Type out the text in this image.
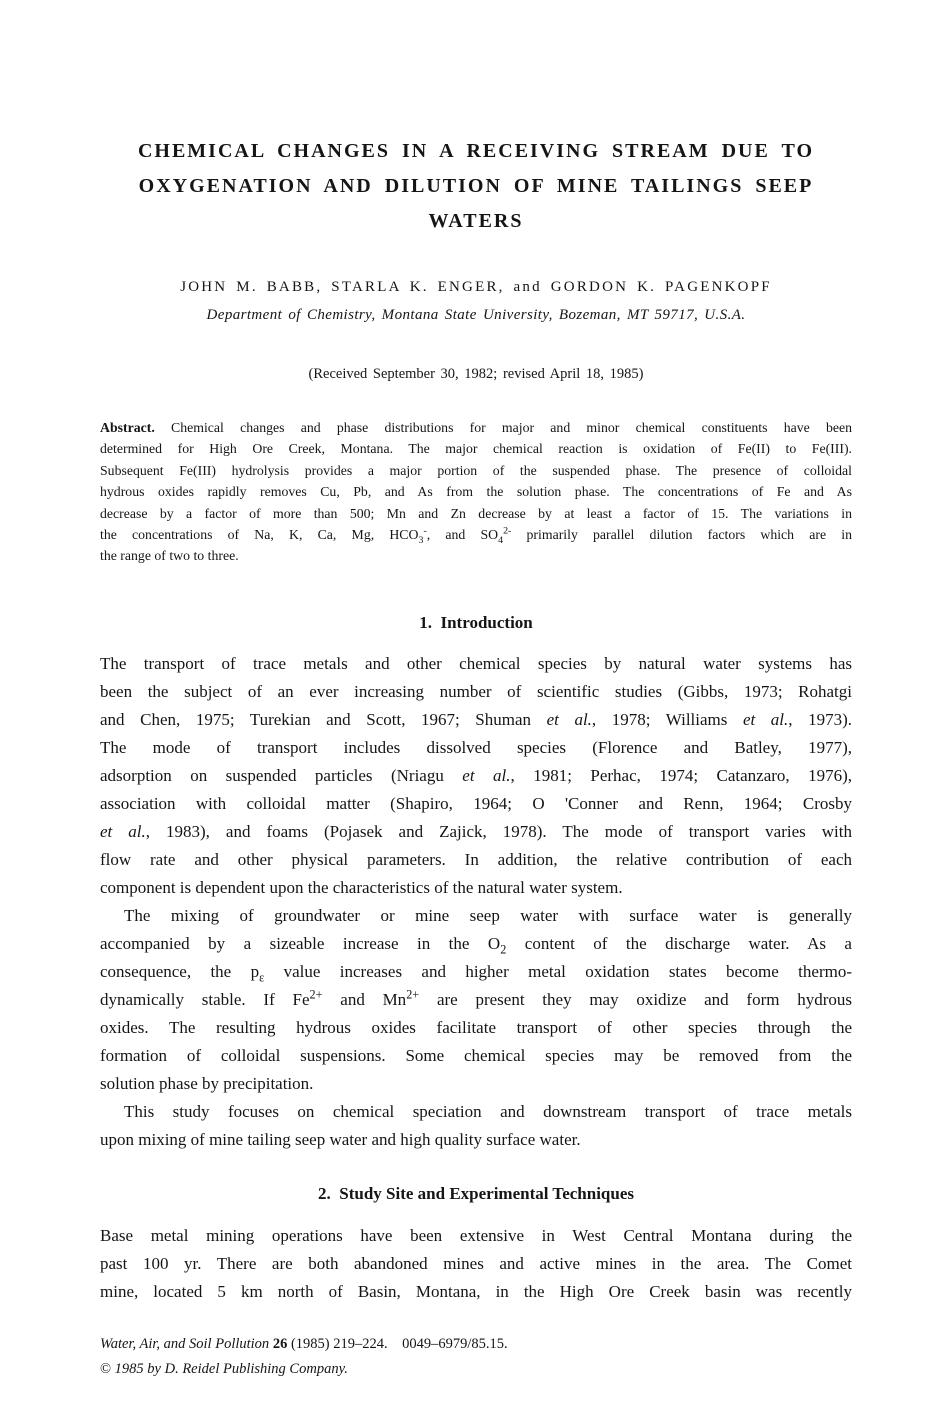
CHEMICAL CHANGES IN A RECEIVING STREAM DUE TO
OXYGENATION AND DILUTION OF MINE TAILINGS SEEP
WATERS
JOHN M. BABB, STARLA K. ENGER, and GORDON K. PAGENKOPF
Department of Chemistry, Montana State University, Bozeman, MT 59717, U.S.A.
(Received September 30, 1982; revised April 18, 1985)
Abstract. Chemical changes and phase distributions for major and minor chemical constituents have been
determined for High Ore Creek, Montana. The major chemical reaction is oxidation of Fe(II) to Fe(III).
Subsequent Fe(III) hydrolysis provides a major portion of the suspended phase. The presence of colloidal
hydrous oxides rapidly removes Cu, Pb, and As from the solution phase. The concentrations of Fe and As
decrease by a factor of more than 500; Mn and Zn decrease by at least a factor of 15. The variations in
the concentrations of Na, K, Ca, Mg, $HCO_3^-$, and $SO_4^{2-}$ primarily parallel dilution factors which are in
the range of two to three.
1.  Introduction
The transport of trace metals and other chemical species by natural water systems has
been the subject of an ever increasing number of scientific studies (Gibbs, 1973; Rohatgi
and Chen, 1975; Turekian and Scott, 1967; Shuman et al., 1978; Williams et al., 1973).
The mode of transport includes dissolved species (Florence and Batley, 1977),
adsorption on suspended particles (Nriagu et al., 1981; Perhac, 1974; Catanzaro, 1976),
association with colloidal matter (Shapiro, 1964; O 'Conner and Renn, 1964; Crosby
et al., 1983), and foams (Pojasek and Zajick, 1978). The mode of transport varies with
flow rate and other physical parameters. In addition, the relative contribution of each
component is dependent upon the characteristics of the natural water system.
The mixing of groundwater or mine seep water with surface water is generally
accompanied by a sizeable increase in the $O_2$ content of the discharge water. As a
consequence, the $p_\varepsilon$ value increases and higher metal oxidation states become thermo-
dynamically stable. If $Fe^{2+}$ and $Mn^{2+}$ are present they may oxidize and form hydrous
oxides. The resulting hydrous oxides facilitate transport of other species through the
formation of colloidal suspensions. Some chemical species may be removed from the
solution phase by precipitation.
This study focuses on chemical speciation and downstream transport of trace metals
upon mixing of mine tailing seep water and high quality surface water.
2.  Study Site and Experimental Techniques
Base metal mining operations have been extensive in West Central Montana during the
past 100 yr. There are both abandoned mines and active mines in the area. The Comet
mine, located 5 km north of Basin, Montana, in the High Ore Creek basin was recently
Water, Air, and Soil Pollution 26 (1985) 219–224.    0049–6979/85.15.
© 1985 by D. Reidel Publishing Company.
